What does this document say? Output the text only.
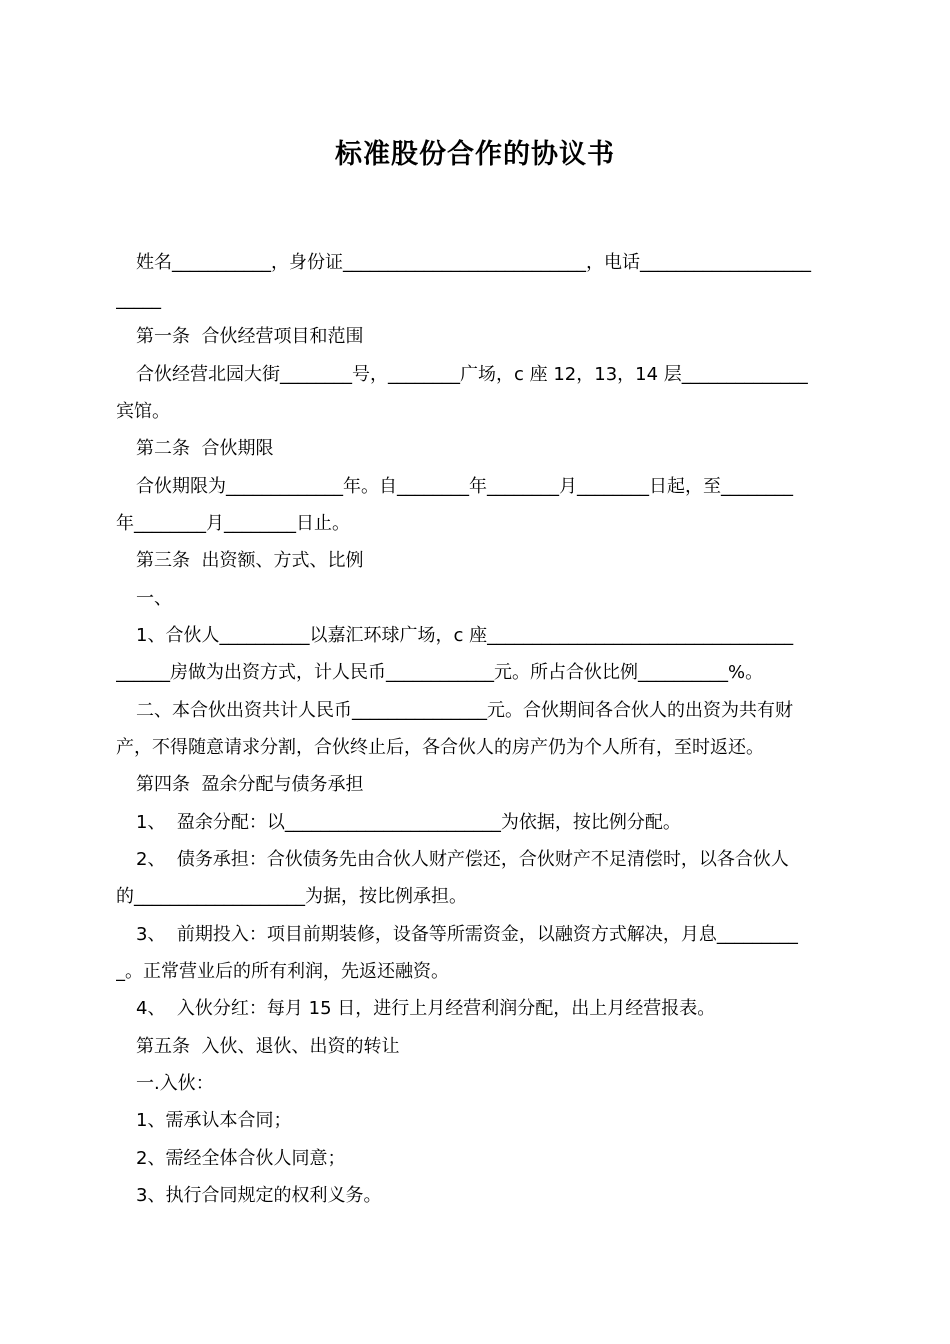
标准股份合作的协议书
姓名___________，身份证___________________________，电话___________________
_____
第一条  合伙经营项目和范围
合伙经营北园大街________号，________广场，c 座 12，13，14 层______________
宾馆。
第二条  合伙期限
合伙期限为_____________年。自________年________月________日起，至________
年________月________日止。
第三条  出资额、方式、比例
一、
1、合伙人__________以嘉汇环球广场，c 座__________________________________
______房做为出资方式，计人民币____________元。所占合伙比例__________%。
二、本合伙出资共计人民币_______________元。合伙期间各合伙人的出资为共有财
产，不得随意请求分割，合伙终止后，各合伙人的房产仍为个人所有，至时返还。
第四条  盈余分配与债务承担
1、  盈余分配：以________________________为依据，按比例分配。
2、  债务承担：合伙债务先由合伙人财产偿还，合伙财产不足清偿时，以各合伙人
的___________________为据，按比例承担。
3、  前期投入：项目前期装修，设备等所需资金，以融资方式解决，月息_________
_。正常营业后的所有利润，先返还融资。
4、  入伙分红：每月 15 日，进行上月经营利润分配，出上月经营报表。
第五条  入伙、退伙、出资的转让
一.入伙：
1、需承认本合同；
2、需经全体合伙人同意；
3、执行合同规定的权利义务。
